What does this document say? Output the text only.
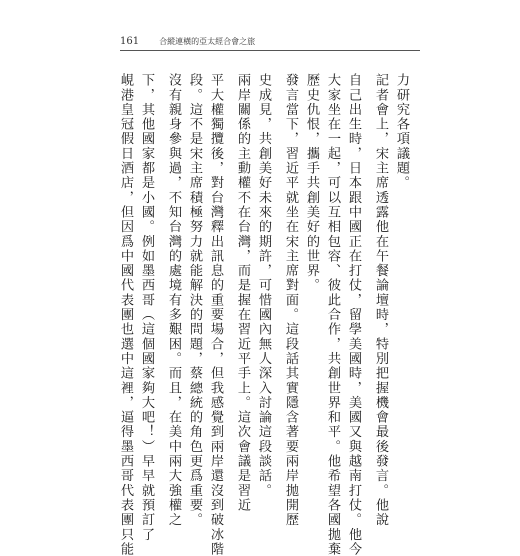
161	合縱連橫的亞太經合會之旅
力研究各項議題。
記者會上，宋主席透露他在午餐論壇時，特別把握機會最後發言。他說
自己出生時，日本跟中國正在打仗，留學美國時，美國又與越南打仗。他今
大家坐在一起，可以互相包容、彼此合作，共創世界和平。他希望各國拋棄
歷史仇恨，攜手共創美好的世界。
發言當下，習近平就坐在宋主席對面。這段話其實隱含著要兩岸拋開歷
史成見，共創美好未來的期許，可惜國內無人深入討論這段談話。
兩岸關係的主動權不在台灣，而是握在習近平手上。這次會議是習近
平大權獨攬後，對台灣釋出訊息的重要場合，但我感覺到兩岸還沒到破冰階
段。這不是宋主席積極努力就能解決的問題，蔡總統的角色更爲重要。
沒有親身參與過，不知台灣的處境有多艱困。而且，在美中兩大強權之
下，其他國家都是小國。例如墨西哥（這個國家夠大吧！）早早就預訂了
峴港皇冠假日酒店，但因爲中國代表團也選中這裡，逼得墨西哥代表團只能
